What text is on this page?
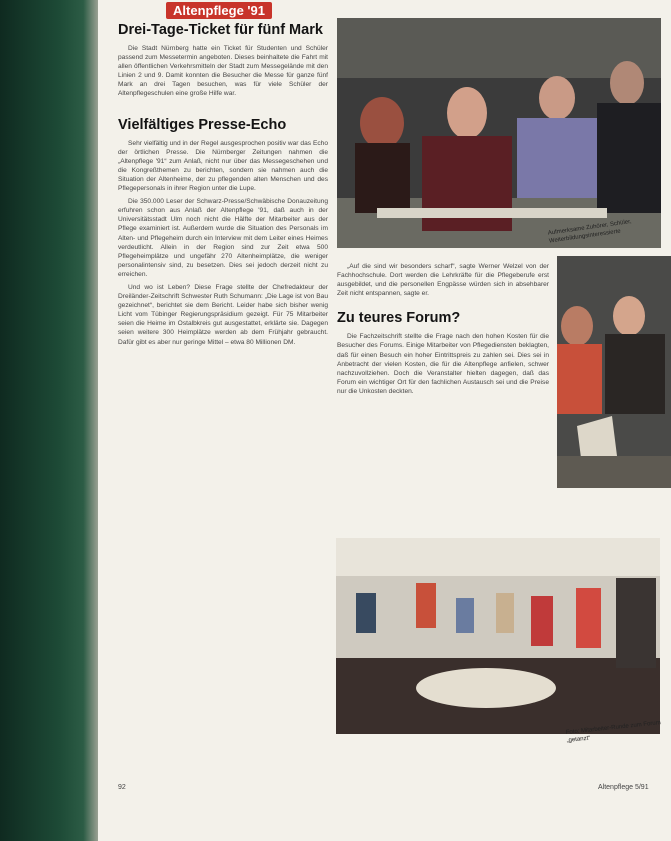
Altenpflege '91
Drei-Tage-Ticket für fünf Mark

Die Stadt Nürnberg hatte ein Ticket für Studenten und Schüler passend zum Messetermin angeboten. Dieses beinhaltete die Fahrt mit allen öffentlichen Verkehrsmitteln der Stadt zum Messegelände mit den Linien 2 und 9. Damit konnten die Besucher die Messe für ganze fünf Mark an drei Tagen besuchen, was für viele Schüler der Altenpflegeschulen eine große Hilfe war.

Vielfältiges Presse-Echo

Sehr vielfältig und in der Regel ausgesprochen positiv war das Echo der örtlichen Presse. Die Nürnberger Zeitungen nahmen die „Altenpflege '91“ zum Anlaß, nicht nur über das Messegeschehen und die Kongreßthemen zu berichten, sondern sie nahmen auch die Situation der Altenheime, der zu pflegenden alten Menschen und des Pflegepersonals in ihrer Region unter die Lupe.

Die 350.000 Leser der Schwarz-Presse/Schwäbische Donauzeitung erfuhren schon aus Anlaß der Altenpflege '91, daß auch in der Universitätsstadt Ulm noch nicht die Hälfte der Mitarbeiter aus der Pflege examiniert ist. Außerdem wurde die Situation des Personals im Alten- und Pflegeheim durch ein Interview mit dem Leiter eines Heimes verdeutlicht. Allein in der Region sind zur Zeit etwa 500 Pflegeheimplätze und ungefähr 270 Altenheimplätze, die weniger personalintensiv sind, zu besetzen. Dies sei jedoch derzeit nicht zu erreichen.

Und wo ist Leben? Diese Frage stellte der Chefredakteur der Dreiländer-Zeitschrift Schwester Ruth Schumann: „Die Lage ist von Bau gezeichnet“, berichtet sie dem Bericht. Leider habe sich bisher wenig Licht vom Tübinger Regierungspräsidium gezeigt. Für 75 Mitarbeiter seien die Heime im Ostalbkreis gut ausgestattet, erklärte sie. Dagegen seien weitere 300 Heimplätze werden ab dem Frühjahr gebraucht. Dafür gibt es aber nur geringe Mittel – etwa 80 Millionen DM.

Aufmerksame Zuhörer, Schüler, Weiterbildungsinteressierte

„Auf die sind wir besonders scharf“, sagte Werner Welzel von der Fachhochschule. Dort werden die Lehrkräfte für die Pflegeberufe erst ausgebildet, und die personellen Engpässe würden sich in absehbarer Zeit nicht entspannen, sagte er.

Zu teures Forum?

Die Fachzeitschrift stellte die Frage nach den hohen Kosten für die Besucher des Forums. Einige Mitarbeiter von Pflegediensten beklagten, daß für einen Besuch ein hoher Eintrittspreis zu zahlen sei. Dies sei in Anbetracht der vielen Kosten, die für die Altenpflege anfielen, schwer nachzuvollziehen. Doch die Veranstalter hielten dagegen, daß das Forum ein wichtiger Ort für den fachlichen Austausch sei und die Preise nur die Unkosten deckten.

Foto: Mitarbeiter-Runde zum Forum „getanzt“
92	Altenpflege 5/91
